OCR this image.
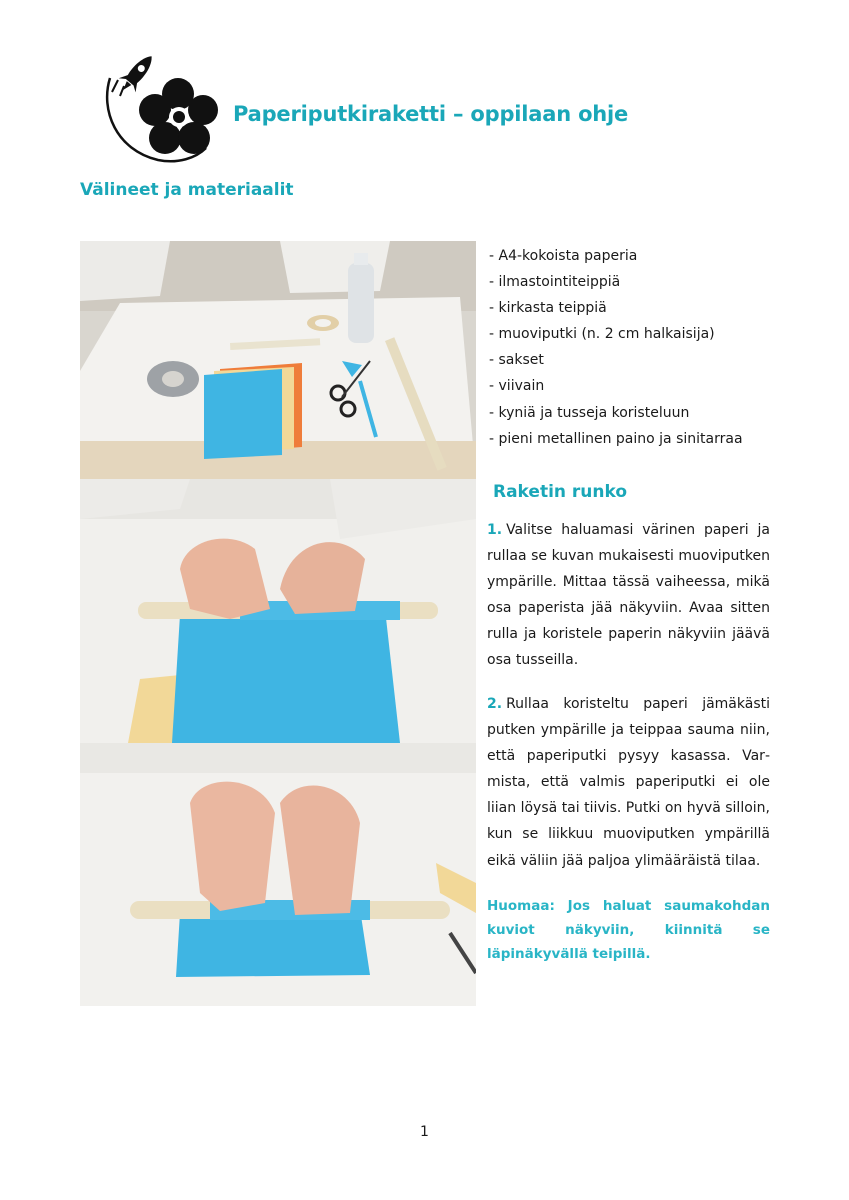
Paperiputkiraketti – oppilaan ohje
Välineet ja materiaalit
- A4-kokoista paperia
- ilmastointiteippiä
- kirkasta teippiä
- muoviputki (n. 2 cm halkaisija)
- sakset
- viivain
- kyniä ja tusseja koristeluun
- pieni metallinen paino ja sinitarraa
Raketin runko

1. Valitse haluamasi värinen paperi ja rullaa se kuvan mukaisesti muoviputken ympärille. Mittaa tässä vaiheessa, mikä osa paperista jää näkyviin. Avaa sitten rulla ja koristele paperin näkyviin jäävä osa tusseilla.

2. Rullaa koristeltu paperi jämäkästi putken ympärille ja teippaa sauma niin, että paperiputki pysyy kasassa. Varmista, että valmis paperiputki ei ole liian löysä tai tiivis. Putki on hyvä silloin, kun se liikkuu muoviputken ympärillä eikä väliin jää paljoa ylimääräistä tilaa.

Huomaa: Jos haluat saumakohdan kuviot näkyviin, kiinnitä se läpinäkyvällä teipillä.

1
